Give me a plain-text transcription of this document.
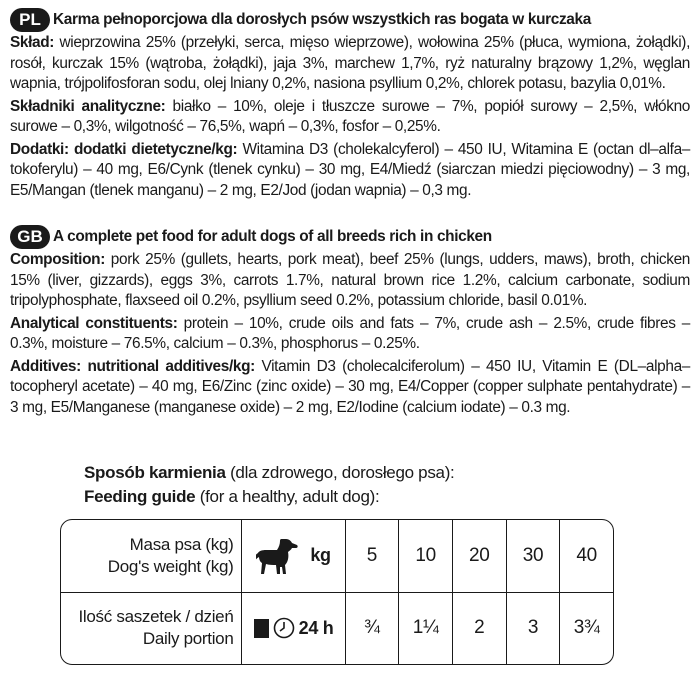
PL Karma pełnoporcjowa dla dorosłych psów wszystkich ras bogata w kurczaka

Skład: wieprzowina 25% (przełyki, serca, mięso wieprzowe), wołowina 25% (płuca, wymiona, żołądki), rosół, kurczak 15% (wątroba, żołądki), jaja 3%, marchew 1,7%, ryż naturalny brązowy 1,2%, węglan wapnia, trójpolifosforan sodu, olej lniany 0,2%, nasiona psyllium 0,2%, chlorek potasu, bazylia 0,01%.

Składniki analityczne: białko – 10%, oleje i tłuszcze surowe – 7%, popiół surowy – 2,5%, włókno surowe – 0,3%, wilgotność – 76,5%, wapń – 0,3%, fosfor – 0,25%.

Dodatki: dodatki dietetyczne/kg: Witamina D3 (cholekalcyferol) – 450 IU, Witamina E (octan dl–alfa–tokoferylu) – 40 mg, E6/Cynk (tlenek cynku) – 30 mg, E4/Miedź (siarczan miedzi pięciowodny) – 3 mg, E5/Mangan (tlenek manganu) – 2 mg, E2/Jod (jodan wapnia) – 0,3 mg.

GB A complete pet food for adult dogs of all breeds rich in chicken

Composition: pork 25% (gullets, hearts, pork meat), beef 25% (lungs, udders, maws), broth, chicken 15% (liver, gizzards), eggs 3%, carrots 1.7%, natural brown rice 1.2%, calcium carbonate, sodium tripolyphosphate, flaxseed oil 0.2%, psyllium seed 0.2%, potassium chloride, basil 0.01%.

Analytical constituents: protein – 10%, crude oils and fats – 7%, crude ash – 2.5%, crude fibres – 0.3%, moisture – 76.5%, calcium – 0.3%, phosphorus – 0.25%.

Additives: nutritional additives/kg: Vitamin D3 (cholecalciferolum) – 450 IU, Vitamin E (DL–alpha–tocopheryl acetate) – 40 mg, E6/Zinc (zinc oxide) – 30 mg, E4/Copper (copper sulphate pentahydrate) – 3 mg, E5/Manganese (manganese oxide) – 2 mg, E2/Iodine (calcium iodate) – 0.3 mg.

Sposób karmienia (dla zdrowego, dorosłego psa):
Feeding guide (for a healthy, adult dog):
Masa psa (kg)
Dog's weight (kg)	kg	5	10	20	30	40

Ilość saszetek / dzień
Daily portion	24 h	¾	1¼	2	3	3¾
